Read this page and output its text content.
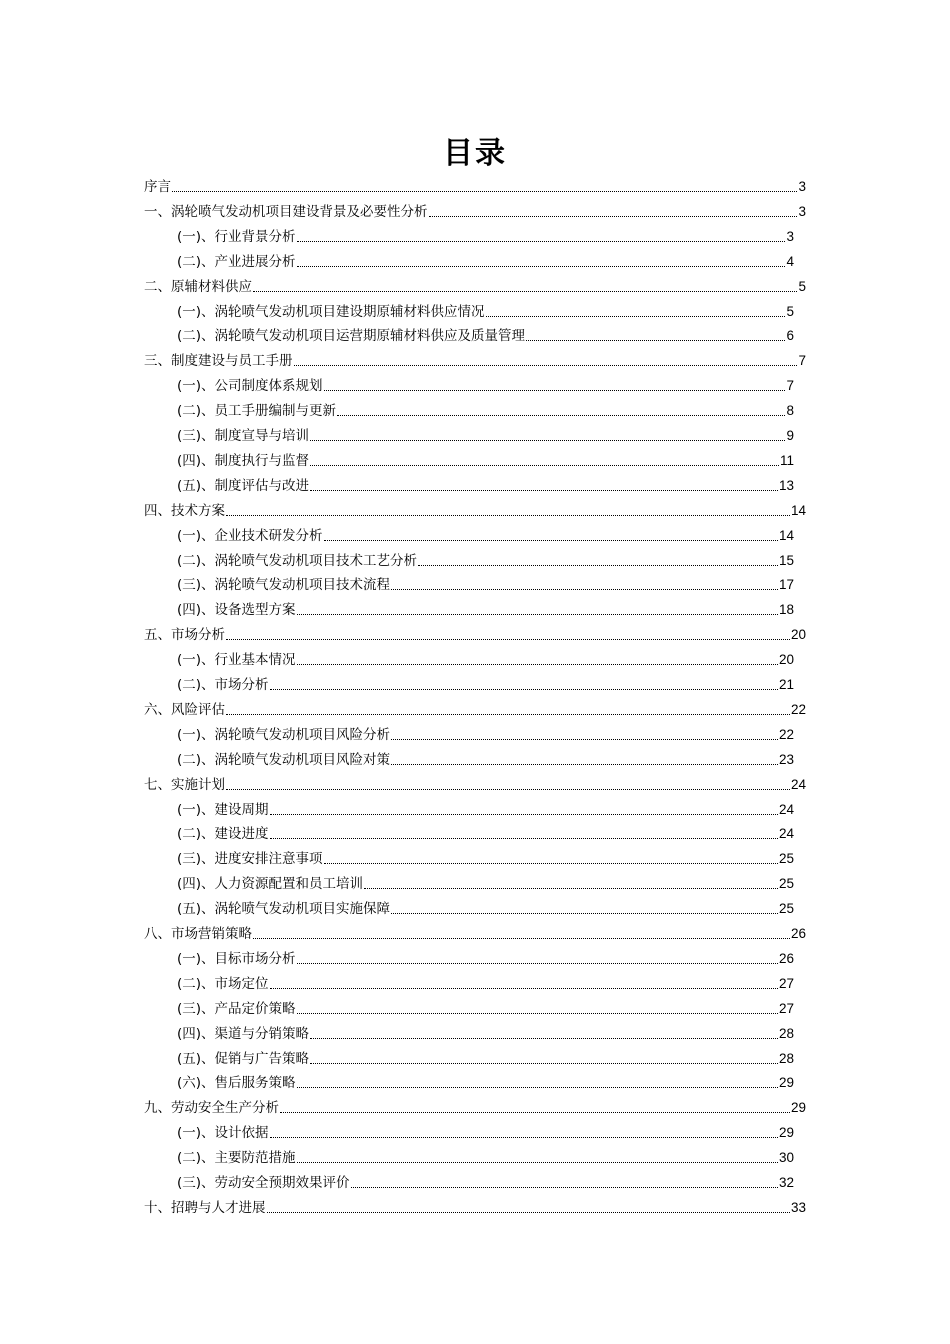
目录
序言	3
一、涡轮喷气发动机项目建设背景及必要性分析	3
(一)、行业背景分析	3
(二)、产业进展分析	4
二、原辅材料供应	5
(一)、涡轮喷气发动机项目建设期原辅材料供应情况	5
(二)、涡轮喷气发动机项目运营期原辅材料供应及质量管理	6
三、制度建设与员工手册	7
(一)、公司制度体系规划	7
(二)、员工手册编制与更新	8
(三)、制度宣导与培训	9
(四)、制度执行与监督	11
(五)、制度评估与改进	13
四、技术方案	14
(一)、企业技术研发分析	14
(二)、涡轮喷气发动机项目技术工艺分析	15
(三)、涡轮喷气发动机项目技术流程	17
(四)、设备选型方案	18
五、市场分析	20
(一)、行业基本情况	20
(二)、市场分析	21
六、风险评估	22
(一)、涡轮喷气发动机项目风险分析	22
(二)、涡轮喷气发动机项目风险对策	23
七、实施计划	24
(一)、建设周期	24
(二)、建设进度	24
(三)、进度安排注意事项	25
(四)、人力资源配置和员工培训	25
(五)、涡轮喷气发动机项目实施保障	25
八、市场营销策略	26
(一)、目标市场分析	26
(二)、市场定位	27
(三)、产品定价策略	27
(四)、渠道与分销策略	28
(五)、促销与广告策略	28
(六)、售后服务策略	29
九、劳动安全生产分析	29
(一)、设计依据	29
(二)、主要防范措施	30
(三)、劳动安全预期效果评价	32
十、招聘与人才进展	33
